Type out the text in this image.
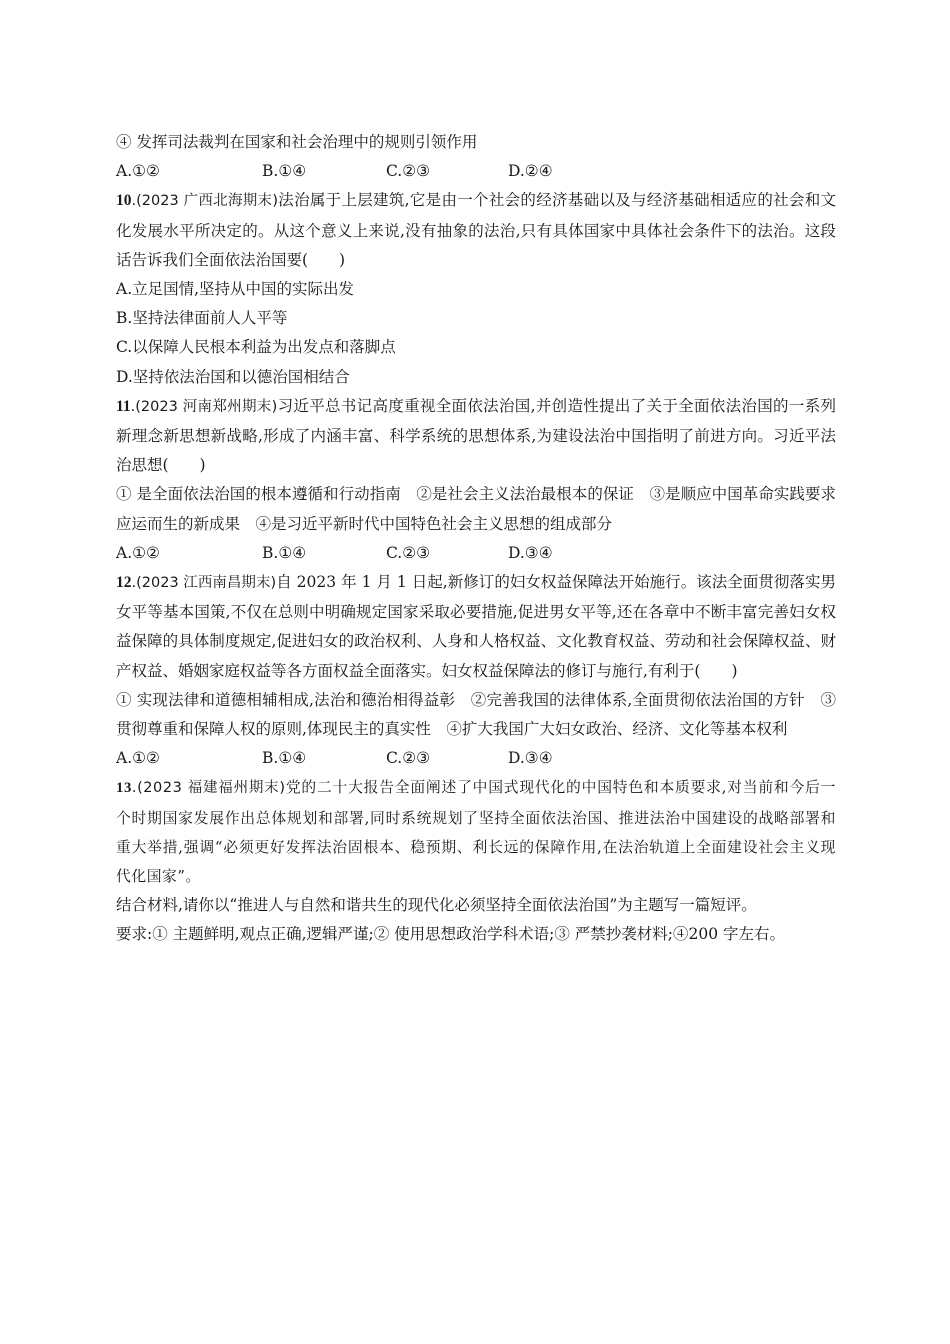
④ 发挥司法裁判在国家和社会治理中的规则引领作用
A.①②	B.①④	C.②③	D.②④
10.(2023 广西北海期末)法治属于上层建筑,它是由一个社会的经济基础以及与经济基础相适应的社会和文化发展水平所决定的。从这个意义上来说,没有抽象的法治,只有具体国家中具体社会条件下的法治。这段话告诉我们全面依法治国要(　　)
A.立足国情,坚持从中国的实际出发
B.坚持法律面前人人平等
C.以保障人民根本利益为出发点和落脚点
D.坚持依法治国和以德治国相结合
11.(2023 河南郑州期末)习近平总书记高度重视全面依法治国,并创造性提出了关于全面依法治国的一系列新理念新思想新战略,形成了内涵丰富、科学系统的思想体系,为建设法治中国指明了前进方向。习近平法治思想(　　)
① 是全面依法治国的根本遵循和行动指南　②是社会主义法治最根本的保证　③是顺应中国革命实践要求应运而生的新成果　④是习近平新时代中国特色社会主义思想的组成部分
A.①②	B.①④	C.②③	D.③④
12.(2023 江西南昌期末)自 2023 年 1 月 1 日起,新修订的妇女权益保障法开始施行。该法全面贯彻落实男女平等基本国策,不仅在总则中明确规定国家采取必要措施,促进男女平等,还在各章中不断丰富完善妇女权益保障的具体制度规定,促进妇女的政治权利、人身和人格权益、文化教育权益、劳动和社会保障权益、财产权益、婚姻家庭权益等各方面权益全面落实。妇女权益保障法的修订与施行,有利于(　　)
① 实现法律和道德相辅相成,法治和德治相得益彰　②完善我国的法律体系,全面贯彻依法治国的方针　③贯彻尊重和保障人权的原则,体现民主的真实性　④扩大我国广大妇女政治、经济、文化等基本权利
A.①②	B.①④	C.②③	D.③④
13.(2023 福建福州期末)党的二十大报告全面阐述了中国式现代化的中国特色和本质要求,对当前和今后一个时期国家发展作出总体规划和部署,同时系统规划了坚持全面依法治国、推进法治中国建设的战略部署和重大举措,强调“必须更好发挥法治固根本、稳预期、利长远的保障作用,在法治轨道上全面建设社会主义现代化国家”。
结合材料,请你以“推进人与自然和谐共生的现代化必须坚持全面依法治国”为主题写一篇短评。
要求:① 主题鲜明,观点正确,逻辑严谨;② 使用思想政治学科术语;③ 严禁抄袭材料;④200 字左右。
